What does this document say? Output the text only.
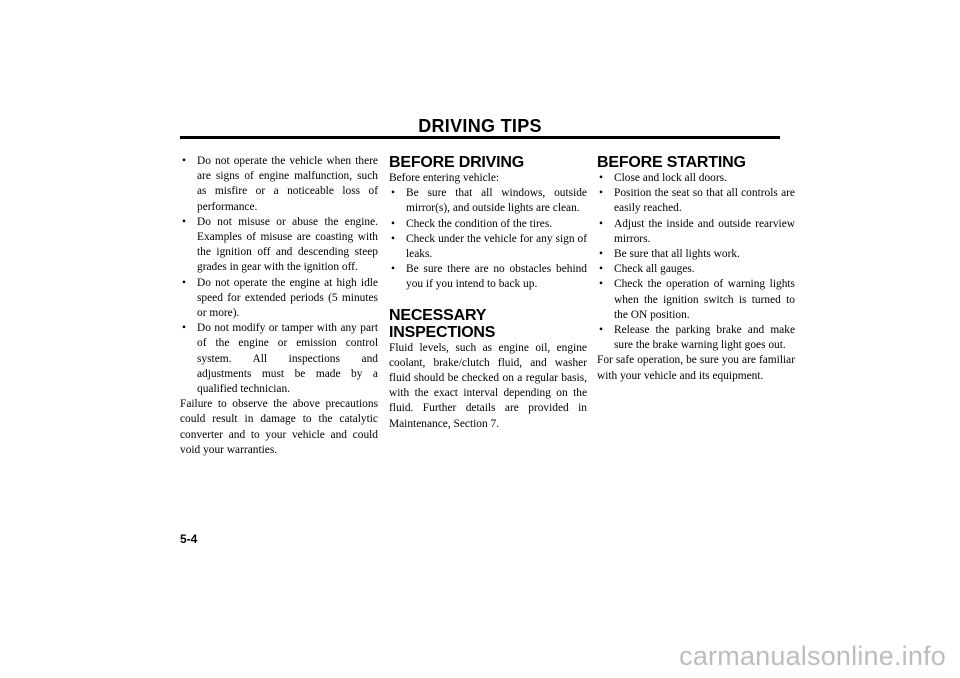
DRIVING TIPS
• Do not operate the vehicle when there are signs of engine malfunction, such as misfire or a noticeable loss of performance.
• Do not misuse or abuse the engine. Examples of misuse are coasting with the ignition off and descending steep grades in gear with the ignition off.
• Do not operate the engine at high idle speed for extended periods (5 minutes or more).
• Do not modify or tamper with any part of the engine or emission control system. All inspections and adjustments must be made by a qualified technician.

Failure to observe the above precautions could result in damage to the catalytic converter and to your vehicle and could void your warranties.

BEFORE DRIVING

Before entering vehicle:

• Be sure that all windows, outside mirror(s), and outside lights are clean.
• Check the condition of the tires.
• Check under the vehicle for any sign of leaks.
• Be sure there are no obstacles behind you if you intend to back up.
NECESSARY INSPECTIONS

Fluid levels, such as engine oil, engine coolant, brake/clutch fluid, and washer fluid should be checked on a regular basis, with the exact interval depending on the fluid. Further details are provided in Maintenance, Section 7.

BEFORE STARTING
• Close and lock all doors.
• Position the seat so that all controls are easily reached.
• Adjust the inside and outside rearview mirrors.
• Be sure that all lights work.
• Check all gauges.
• Check the operation of warning lights when the ignition switch is turned to the ON position.
• Release the parking brake and make sure the brake warning light goes out.

For safe operation, be sure you are familiar with your vehicle and its equipment.

5-4
carmanualsonline.info
